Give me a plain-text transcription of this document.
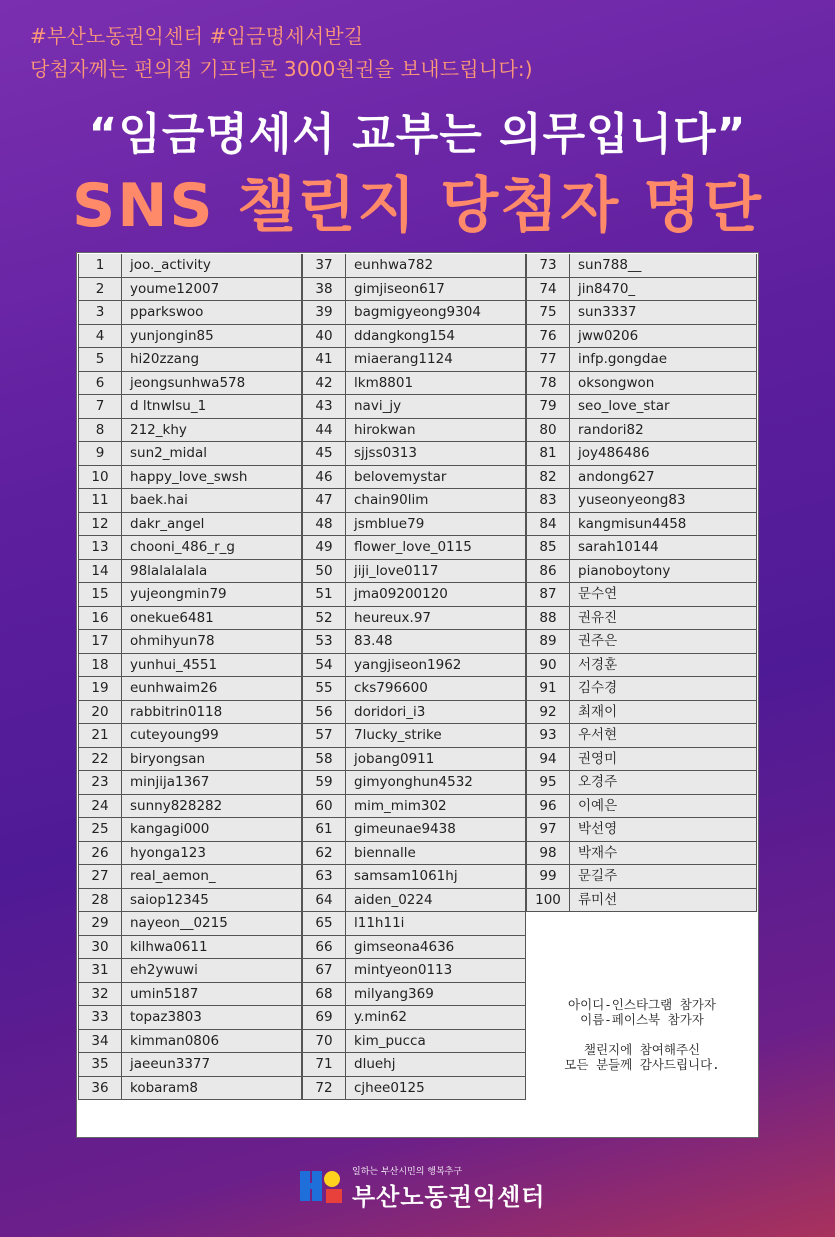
#부산노동권익센터 #임금명세서받길
당첨자께는 편의점 기프티콘 3000원권을 보내드립니다:)
“임금명세서 교부는 의무입니다”
SNS 챌린지 당첨자 명단
1	joo._activity
2	youme12007
3	pparkswoo
4	yunjongin85
5	hi20zzang
6	jeongsunhwa578
7	d ltnwlsu_1
8	212_khy
9	sun2_midal
10	happy_love_swsh
11	baek.hai
12	dakr_angel
13	chooni_486_r_g
14	98lalalalala
15	yujeongmin79
16	onekue6481
17	ohmihyun78
18	yunhui_4551
19	eunhwaim26
20	rabbitrin0118
21	cuteyoung99
22	biryongsan
23	minjija1367
24	sunny828282
25	kangagi000
26	hyonga123
27	real_aemon_
28	saiop12345
29	nayeon__0215
30	kilhwa0611
31	eh2ywuwi
32	umin5187
33	topaz3803
34	kimman0806
35	jaeeun3377
36	kobaram8
37	eunhwa782
38	gimjiseon617
39	bagmigyeong9304
40	ddangkong154
41	miaerang1124
42	lkm8801
43	navi_jy
44	hirokwan
45	sjjss0313
46	belovemystar
47	chain90lim
48	jsmblue79
49	flower_love_0115
50	jiji_love0117
51	jma09200120
52	heureux.97
53	83.48
54	yangjiseon1962
55	cks796600
56	doridori_i3
57	7lucky_strike
58	jobang0911
59	gimyonghun4532
60	mim_mim302
61	gimeunae9438
62	biennalle
63	samsam1061hj
64	aiden_0224
65	l11h11i
66	gimseona4636
67	mintyeon0113
68	milyang369
69	y.min62
70	kim_pucca
71	dluehj
72	cjhee0125
73	sun788__
74	jin8470_
75	sun3337
76	jww0206
77	infp.gongdae
78	oksongwon
79	seo_love_star
80	randori82
81	joy486486
82	andong627
83	yuseonyeong83
84	kangmisun4458
85	sarah10144
86	pianoboytony
87	문수연
88	권유진
89	권주은
90	서경훈
91	김수경
92	최재이
93	우서현
94	권영미
95	오경주
96	이예은
97	박선영
98	박재수
99	문길주
100	류미선
아이디-인스타그램 참가자
이름-페이스북 참가자
챌린지에 참여해주신
모든 분들께 감사드립니다.
일하는 부산시민의 행복추구
부산노동권익센터
